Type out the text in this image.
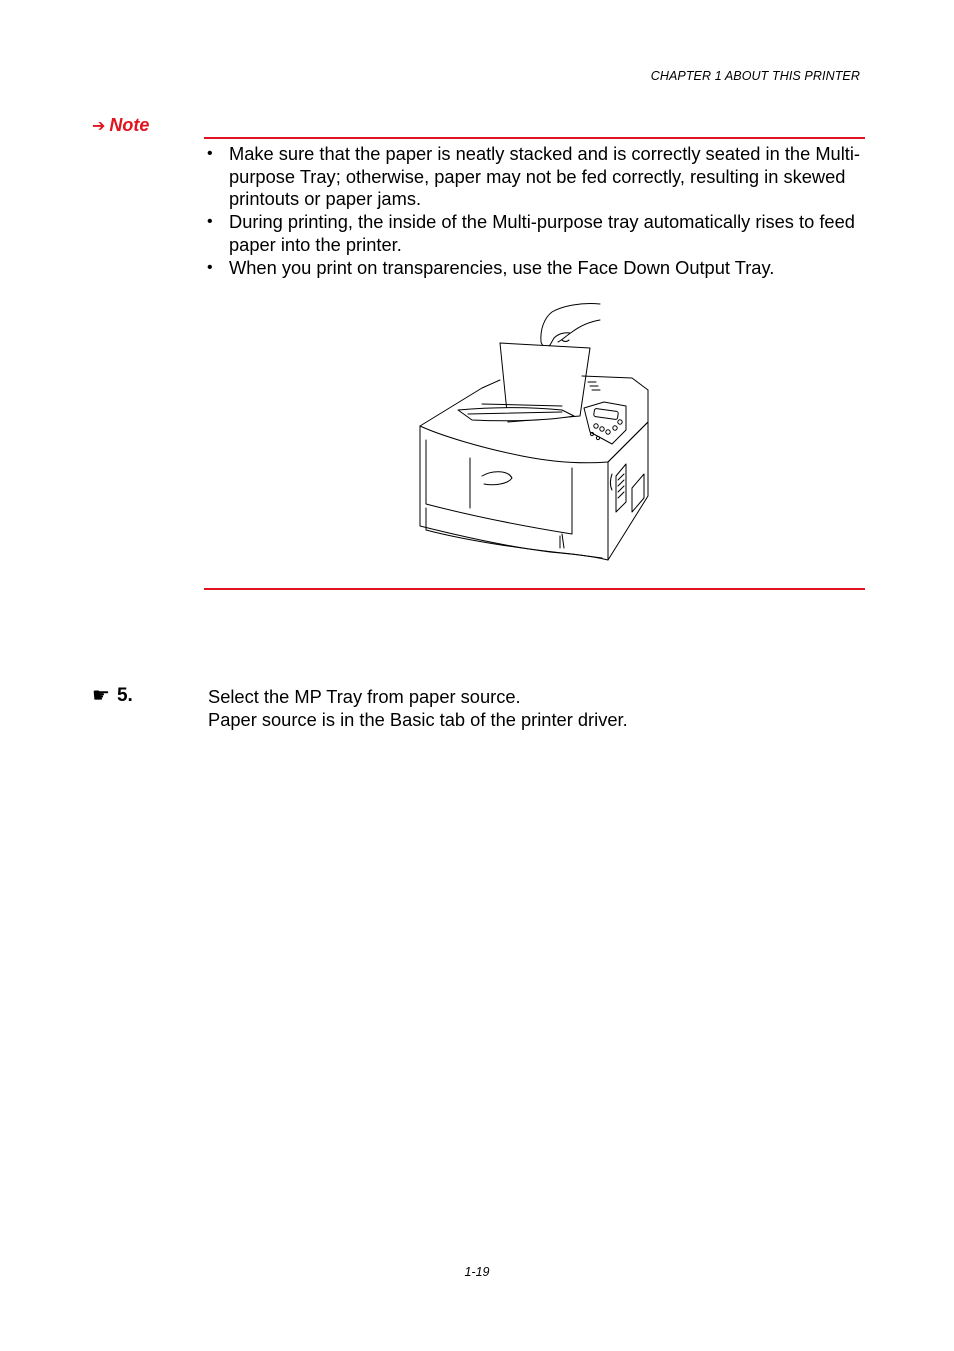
CHAPTER 1 ABOUT THIS PRINTER
➔ Note
• Make sure that the paper is neatly stacked and is correctly seated in the Multi-purpose Tray; otherwise, paper may not be fed correctly, resulting in skewed printouts or paper jams.
• During printing, the inside of the Multi-purpose tray automatically rises to feed paper into the printer.
• When you print on transparencies, use the Face Down Output Tray.
☛ 5.	Select the MP Tray from paper source.
Paper source is in the Basic tab of the printer driver.
1-19
